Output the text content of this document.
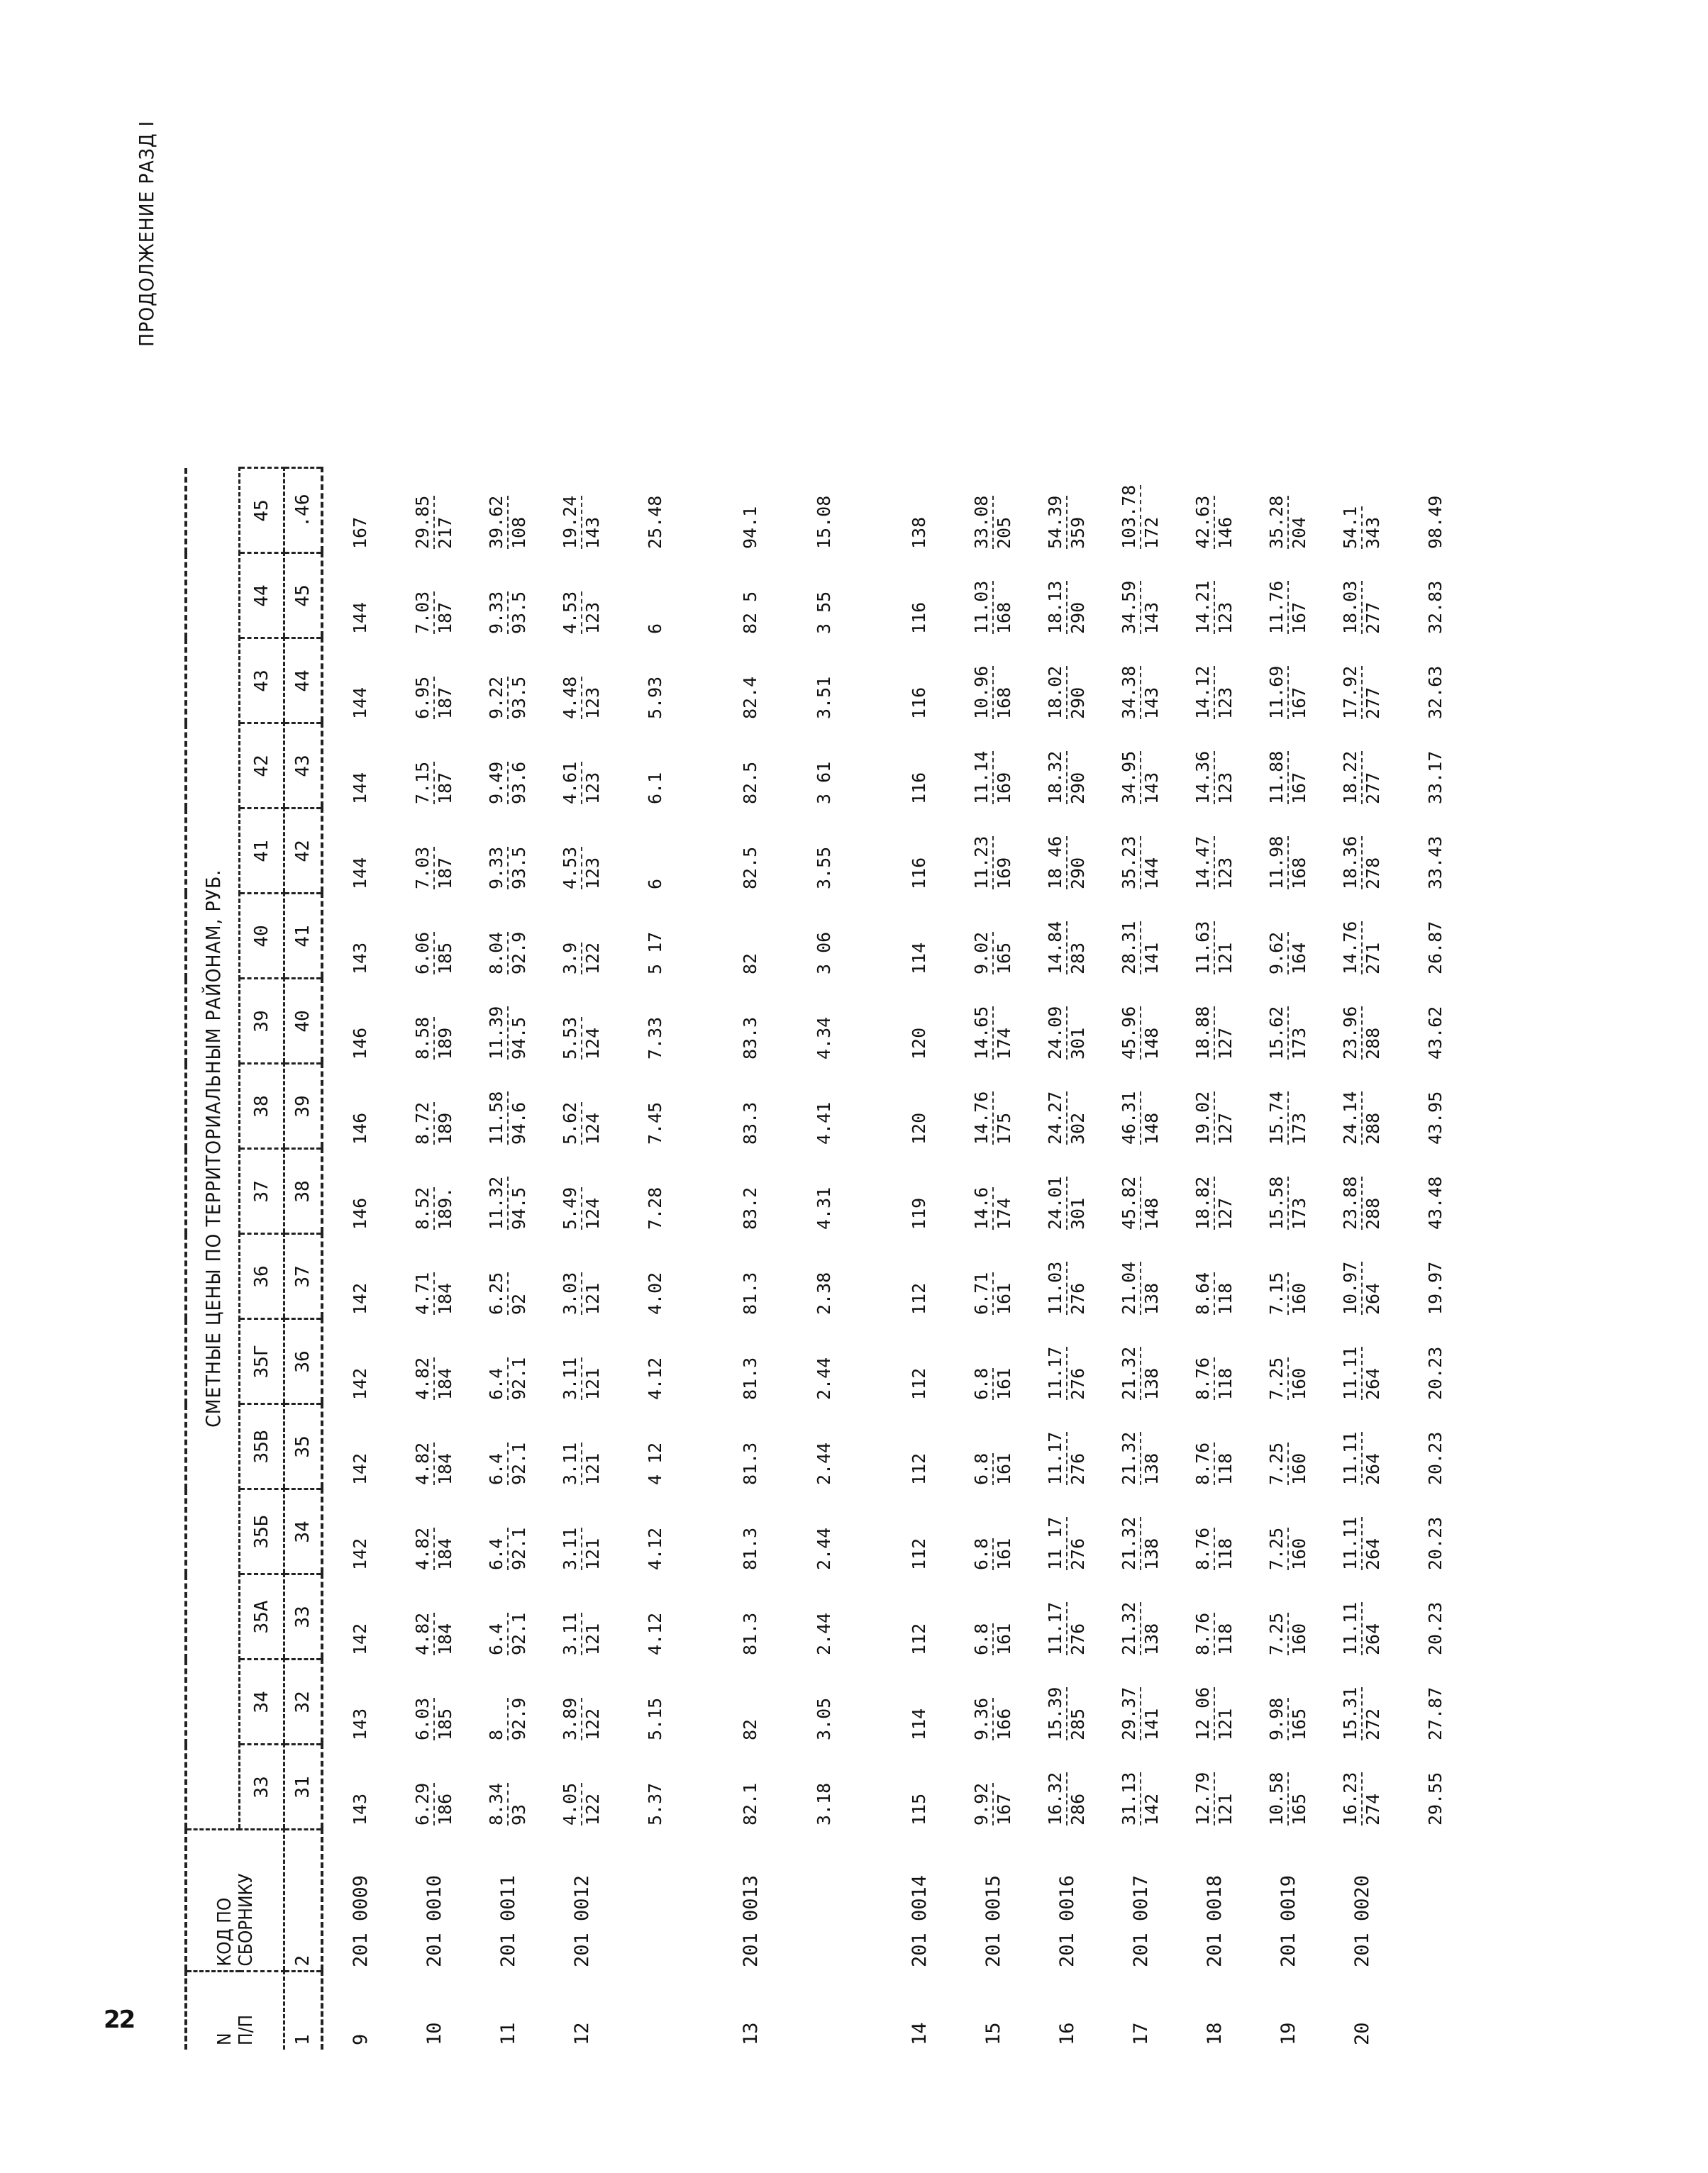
22
ПРОДОЛЖЕНИЕ РАЗД I
N
П/П	КОД ПО
СБОРНИКУ	СМЕТНЫЕ ЦЕНЫ ПО ТЕРРИТОРИАЛЬНЫМ РАЙОНАМ, РУБ.															
		33	34	35А	35Б	35В	35Г	36	37	38	39	40	41	42	43	44	45
1	2	31	32	33	34	35	36	37	38	39	40	41	42	43	44	45	.46
9	201 0009	143	143	142	142	142	142	142	146	146	146	143	144	144	144	144	167
10	201 0010	6.29 186	6.03 185	4.82 184	4.82 184	4.82 184	4.82 184	4.71 184	8.52 189.	8.72 189	8.58 189	6.06 185	7.03 187	7.15 187	6.95 187	7.03 187	29.85 217

11	201 0011	8.34 93	8 92.9	6.4 92.1	6.4 92.1	6.4 92.1	6.4 92.1	6.25 92	11.32 94.5	11.58 94.6	11.39 94.5	8.04 92.9	9.33 93.5	9.49 93.6	9.22 93.5	9.33 93.5	39.62 108

12	201 0012	4.05 122	3.89 122	3.11 121	3.11 121	3.11 121	3.11 121	3.03 121	5.49 124	5.62 124	5.53 124	3.9 122	4.53 123	4.61 123	4.48 123	4.53 123	19.24 143

		5.37	5.15	4.12	4.12	4 12	4.12	4.02	7.28	7.45	7.33	5 17	6	6.1	5.93	6	25.48

13	201 0013	82.1	82	81.3	81.3	81.3	81.3	81.3	83.2	83.3	83.3	82	82.5	82.5	82.4	82 5	94.1
		3.18	3.05	2.44	2.44	2.44	2.44	2.38	4.31	4.41	4.34	3 06	3.55	3 61	3.51	3 55	15.08

14	201 0014	115	114	112	112	112	112	112	119	120	120	114	116	116	116	116	138
15	201 0015	9.92 167	9.36 166	6.8 161	6.8 161	6.8 161	6.8 161	6.71 161	14.6 174	14.76 175	14.65 174	9.02 165	11.23 169	11.14 169	10.96 168	11.03 168	33.08 205

16	201 0016	16.32 286	15.39 285	11.17 276	11 17 276	11.17 276	11.17 276	11.03 276	24.01 301	24.27 302	24.09 301	14.84 283	18 46 290	18.32 290	18.02 290	18.13 290	54.39 359

17	201 0017	31.13 142	29.37 141	21.32 138	21.32 138	21.32 138	21.32 138	21.04 138	45.82 148	46.31 148	45.96 148	28.31 141	35.23 144	34.95 143	34.38 143	34.59 143	103.78 172

18	201 0018	12.79 121	12 06 121	8.76 118	8.76 118	8.76 118	8.76 118	8.64 118	18.82 127	19.02 127	18.88 127	11.63 121	14.47 123	14.36 123	14.12 123	14.21 123	42.63 146

19	201 0019	10.58 165	9.98 165	7.25 160	7.25 160	7.25 160	7.25 160	7.15 160	15.58 173	15.74 173	15.62 173	9.62 164	11.98 168	11.88 167	11.69 167	11.76 167	35.28 204

20	201 0020	16.23 274	15.31 272	11.11 264	11.11 264	11.11 264	11.11 264	10.97 264	23.88 288	24.14 288	23.96 288	14.76 271	18.36 278	18.22 277	17.92 277	18.03 277	54.1 343

		29.55	27.87	20.23	20.23	20.23	20.23	19.97	43.48	43.95	43.62	26.87	33.43	33.17	32.63	32.83	98.49
